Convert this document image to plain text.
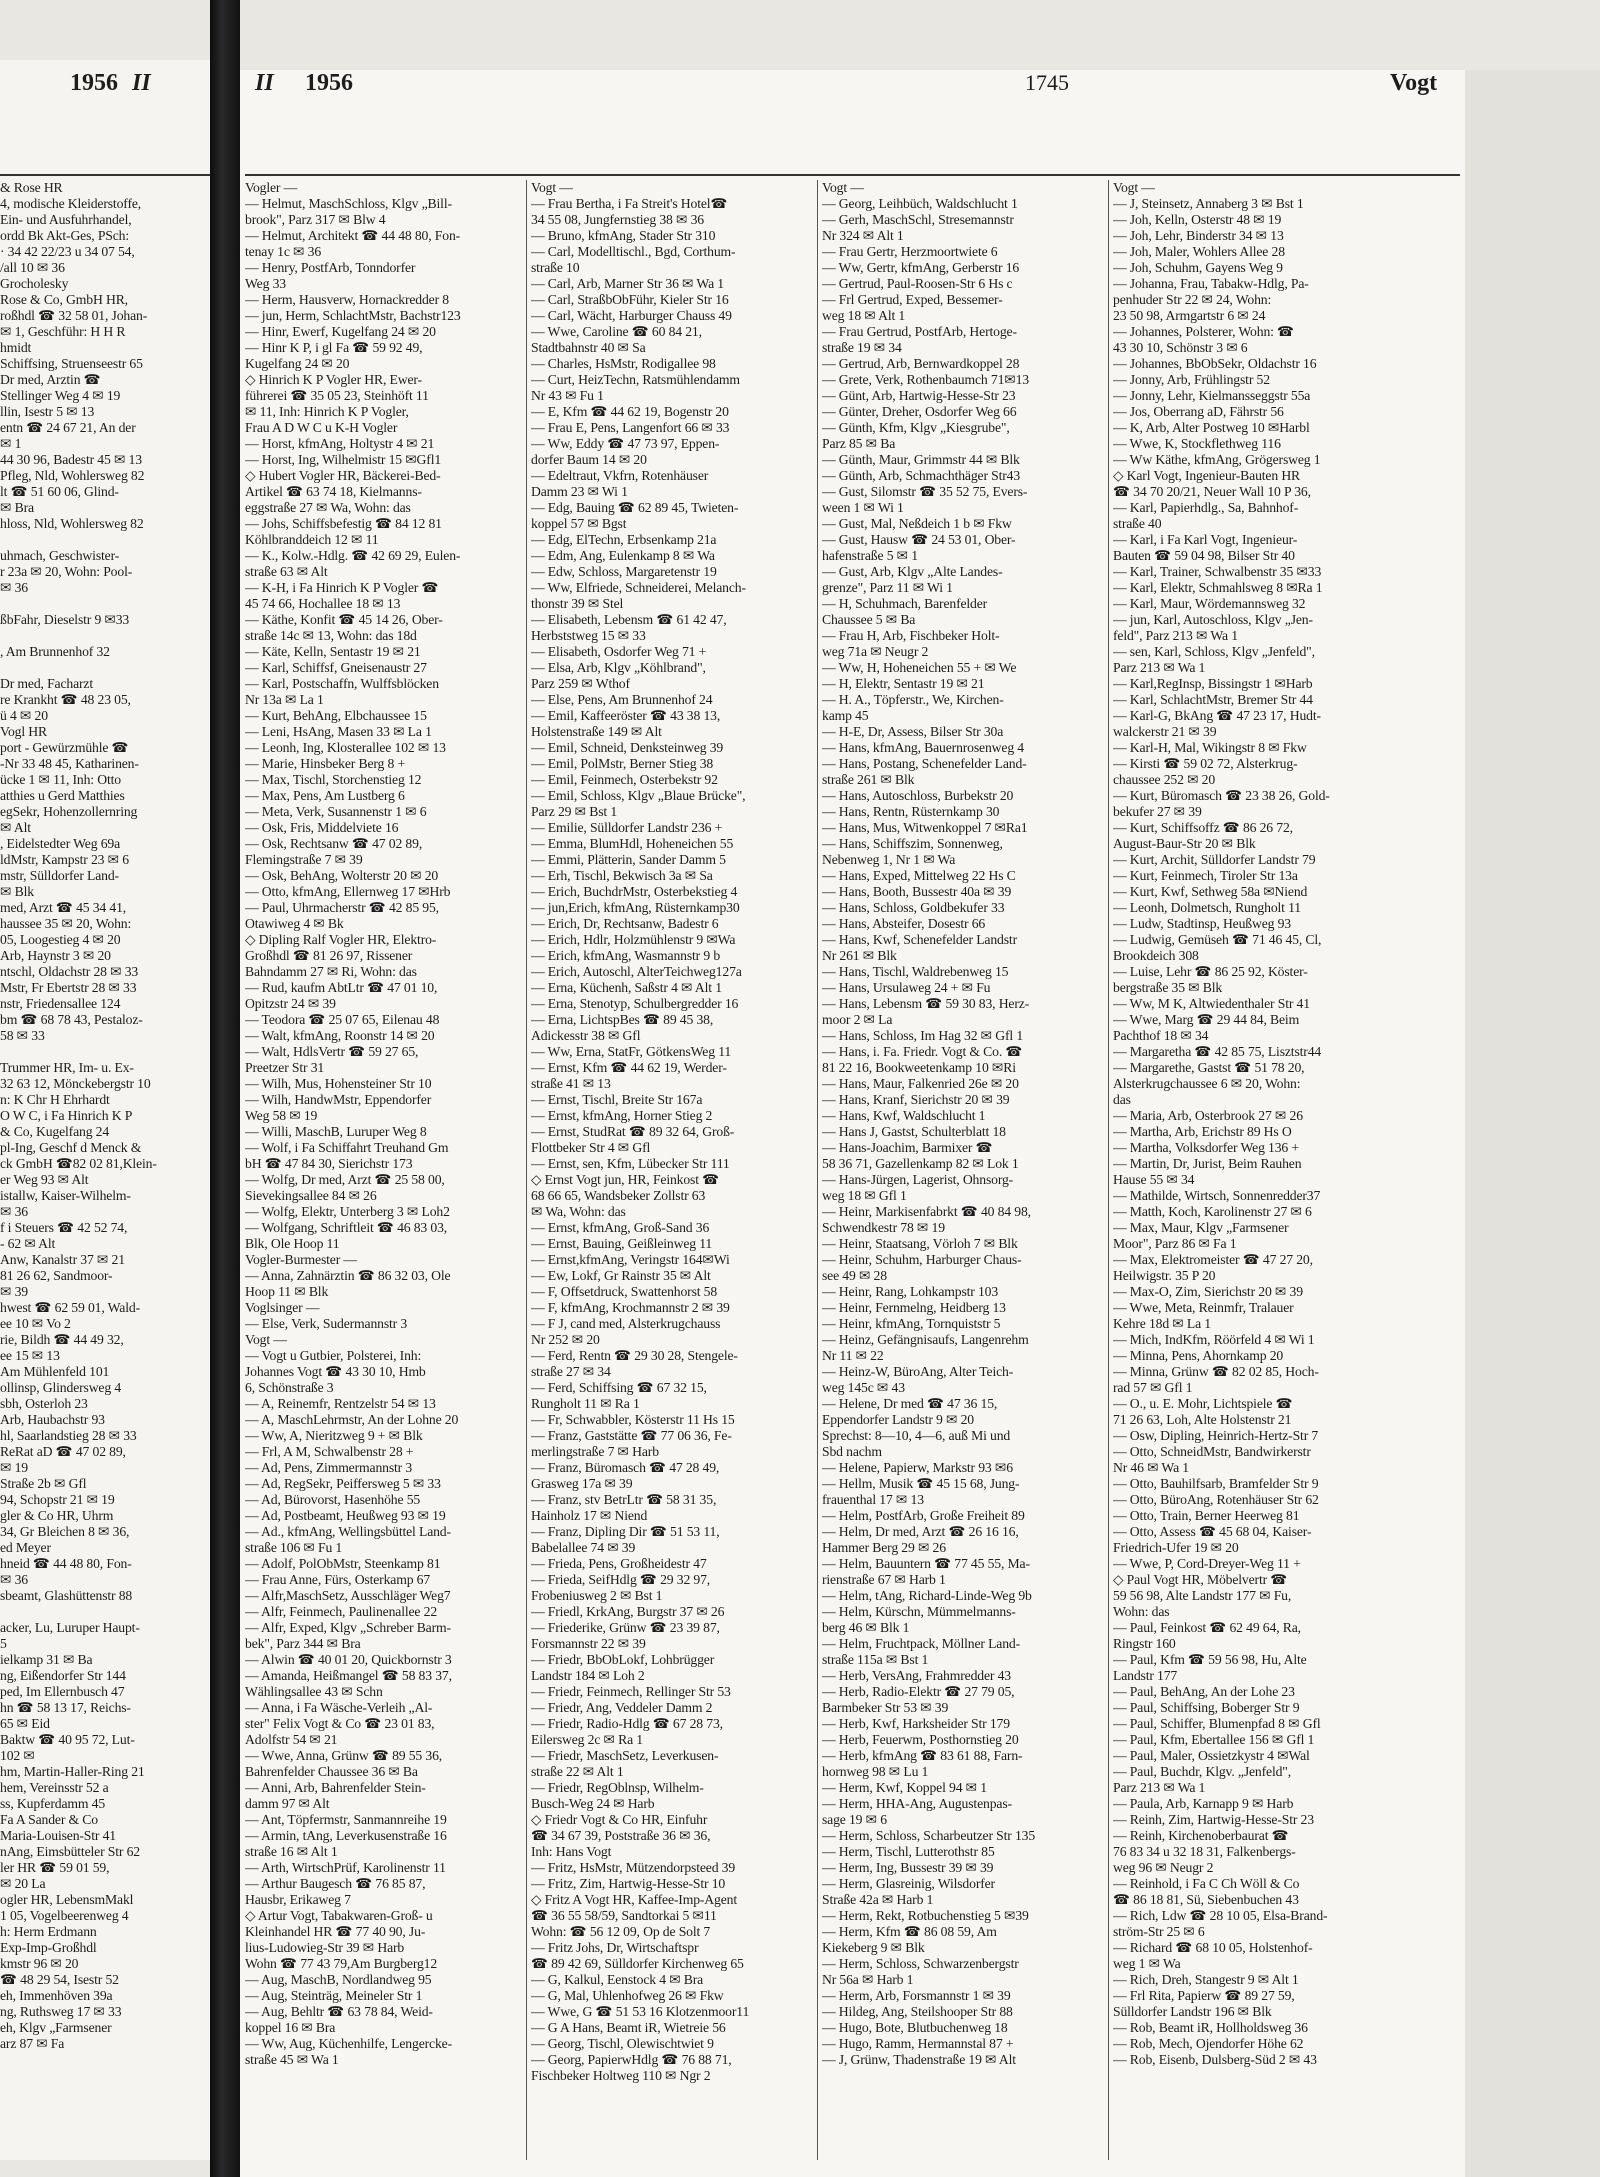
1956 II	II 1956	1745	Vogt
& Rose HR
4, modische Kleiderstoffe,
Ein- und Ausfuhrhandel,
ordd Bk Akt-Ges, PSch:
· 34 42 22/23 u 34 07 54,
/all 10 ✉ 36
Grocholesky
Rose & Co, GmbH HR,
roßhdl ☎ 32 58 01, Johan-
✉ 1, Geschführ: H H R
hmidt
Schiffsing, Struenseestr 65
Dr med, Arztin ☎
Stellinger Weg 4 ✉ 19
llin, Isestr 5 ✉ 13
entn ☎ 24 67 21, An der
✉ 1
44 30 96, Badestr 45 ✉ 13
Pfleg, Nld, Wohlersweg 82
lt ☎ 51 60 06, Glind-
✉ Bra
hloss, Nld, Wohlersweg 82

uhmach, Geschwister-
r 23a ✉ 20, Wohn: Pool-
✉ 36

ßbFahr, Dieselstr 9 ✉33

, Am Brunnenhof 32

Dr med, Facharzt
re Krankht ☎ 48 23 05,
ü 4 ✉ 20
Vogl HR
port - Gewürzmühle ☎
-Nr 33 48 45, Katharinen-
ücke 1 ✉ 11, Inh: Otto
atthies u Gerd Matthies
egSekr, Hohenzollernring
✉ Alt
, Eidelstedter Weg 69a
ldMstr, Kampstr 23 ✉ 6
mstr, Sülldorfer Land-
✉ Blk
med, Arzt ☎ 45 34 41,
haussee 35 ✉ 20, Wohn:
05, Loogestieg 4 ✉ 20
Arb, Haynstr 3 ✉ 20
ntschl, Oldachstr 28 ✉ 33
Mstr, Fr Ebertstr 28 ✉ 33
nstr, Friedensallee 124
bm ☎ 68 78 43, Pestaloz-
58 ✉ 33

Trummer HR, Im- u. Ex-
32 63 12, Mönckebergstr 10
n: K Chr H Ehrhardt
O W C, i Fa Hinrich K P
& Co, Kugelfang 24
pl-Ing, Geschf d Menck &
ck GmbH ☎82 02 81,Klein-
er Weg 93 ✉ Alt
istallw, Kaiser-Wilhelm-
✉ 36
f i Steuers ☎ 42 52 74,
- 62 ✉ Alt
Anw, Kanalstr 37 ✉ 21
81 26 62, Sandmoor-
✉ 39
hwest ☎ 62 59 01, Wald-
ee 10 ✉ Vo 2
rie, Bildh ☎ 44 49 32,
ee 15 ✉ 13
Am Mühlenfeld 101
ollinsp, Glindersweg 4
sbh, Osterloh 23
Arb, Haubachstr 93
hl, Saarlandstieg 28 ✉ 33
ReRat aD ☎ 47 02 89,
✉ 19
Straße 2b ✉ Gfl
94, Schopstr 21 ✉ 19
gler & Co HR, Uhrm
34, Gr Bleichen 8 ✉ 36,
ed Meyer
hneid ☎ 44 48 80, Fon-
✉ 36
sbeamt, Glashüttenstr 88

acker, Lu, Luruper Haupt-
5
ielkamp 31 ✉ Ba
ng, Eißendorfer Str 144
ped, Im Ellernbusch 47
hn ☎ 58 13 17, Reichs-
65 ✉ Eid
Baktw ☎ 40 95 72, Lut-
102 ✉
hm, Martin-Haller-Ring 21
hem, Vereinsstr 52 a
ss, Kupferdamm 45
Fa A Sander & Co
Maria-Louisen-Str 41
nAng, Eimsbütteler Str 62
ler HR ☎ 59 01 59,
✉ 20 La
ogler HR, LebensmMakl
1 05, Vogelbeerenweg 4
h: Herm Erdmann
Exp-Imp-Großhdl
kmstr 96 ✉ 20
☎ 48 29 54, Isestr 52
eh, Immenhöven 39a
ng, Ruthsweg 17 ✉ 33
eh, Klgv „Farmsener
arz 87 ✉ Fa
Vogler —
— Helmut, MaschSchloss, Klgv „Bill-
brook", Parz 317 ✉ Blw 4
— Helmut, Architekt ☎ 44 48 80, Fon-
tenay 1c ✉ 36
— Henry, PostfArb, Tonndorfer
Weg 33
— Herm, Hausverw, Hornackredder 8
— jun, Herm, SchlachtMstr, Bachstr123
— Hinr, Ewerf, Kugelfang 24 ✉ 20
— Hinr K P, i gl Fa ☎ 59 92 49,
Kugelfang 24 ✉ 20
◇ Hinrich K P Vogler HR, Ewer-
führerei ☎ 35 05 23, Steinhöft 11
✉ 11, Inh: Hinrich K P Vogler,
Frau A D W C u K-H Vogler
— Horst, kfmAng, Holtystr 4 ✉ 21
— Horst, Ing, Wilhelmistr 15 ✉Gfl1
◇ Hubert Vogler HR, Bäckerei-Bed-
Artikel ☎ 63 74 18, Kielmanns-
eggstraße 27 ✉ Wa, Wohn: das
— Johs, Schiffsbefestig ☎ 84 12 81
Köhlbranddeich 12 ✉ 11
— K., Kolw.-Hdlg. ☎ 42 69 29, Eulen-
straße 63 ✉ Alt
— K-H, i Fa Hinrich K P Vogler ☎
45 74 66, Hochallee 18 ✉ 13
— Käthe, Konfit ☎ 45 14 26, Ober-
straße 14c ✉ 13, Wohn: das 18d
— Käte, Kelln, Sentastr 19 ✉ 21
— Karl, Schiffsf, Gneisenaustr 27
— Karl, Postschaffn, Wulffsblöcken
Nr 13a ✉ La 1
— Kurt, BehAng, Elbchaussee 15
— Leni, HsAng, Masen 33 ✉ La 1
— Leonh, Ing, Klosterallee 102 ✉ 13
— Marie, Hinsbeker Berg 8 +
— Max, Tischl, Storchenstieg 12
— Max, Pens, Am Lustberg 6
— Meta, Verk, Susannenstr 1 ✉ 6
— Osk, Fris, Middelviete 16
— Osk, Rechtsanw ☎ 47 02 89,
Flemingstraße 7 ✉ 39
— Osk, BehAng, Wolterstr 20 ✉ 20
— Otto, kfmAng, Ellernweg 17 ✉Hrb
— Paul, Uhrmacherstr ☎ 42 85 95,
Otawiweg 4 ✉ Bk
◇ Dipling Ralf Vogler HR, Elektro-
Großhdl ☎ 81 26 97, Rissener
Bahndamm 27 ✉ Ri, Wohn: das
— Rud, kaufm AbtLtr ☎ 47 01 10,
Opitzstr 24 ✉ 39
— Teodora ☎ 25 07 65, Eilenau 48
— Walt, kfmAng, Roonstr 14 ✉ 20
— Walt, HdlsVertr ☎ 59 27 65,
Preetzer Str 31
— Wilh, Mus, Hohensteiner Str 10
— Wilh, HandwMstr, Eppendorfer
Weg 58 ✉ 19
— Willi, MaschB, Luruper Weg 8
— Wolf, i Fa Schiffahrt Treuhand Gm
bH ☎ 47 84 30, Sierichstr 173
— Wolfg, Dr med, Arzt ☎ 25 58 00,
Sievekingsallee 84 ✉ 26
— Wolfg, Elektr, Unterberg 3 ✉ Loh2
— Wolfgang, Schriftleit ☎ 46 83 03,
Blk, Ole Hoop 11
Vogler-Burmester —
— Anna, Zahnärztin ☎ 86 32 03, Ole
Hoop 11 ✉ Blk
Voglsinger —
— Else, Verk, Sudermannstr 3
Vogt —
— Vogt u Gutbier, Polsterei, Inh:
Johannes Vogt ☎ 43 30 10, Hmb
6, Schönstraße 3
— A, Reinemfr, Rentzelstr 54 ✉ 13
— A, MaschLehrmstr, An der Lohne 20
— Ww, A, Nieritzweg 9 + ✉ Blk
— Frl, A M, Schwalbenstr 28 +
— Ad, Pens, Zimmermannstr 3
— Ad, RegSekr, Peiffersweg 5 ✉ 33
— Ad, Bürovorst, Hasenhöhe 55
— Ad, Postbeamt, Heußweg 93 ✉ 19
— Ad., kfmAng, Wellingsbüttel Land-
straße 106 ✉ Fu 1
— Adolf, PolObMstr, Steenkamp 81
— Frau Anne, Fürs, Osterkamp 67
— Alfr,MaschSetz, Ausschläger Weg7
— Alfr, Feinmech, Paulinenallee 22
— Alfr, Exped, Klgv „Schreber Barm-
bek", Parz 344 ✉ Bra
— Alwin ☎ 40 01 20, Quickbornstr 3
— Amanda, Heißmangel ☎ 58 83 37,
Wählingsallee 43 ✉ Schn
— Anna, i Fa Wäsche-Verleih „Al-
ster" Felix Vogt & Co ☎ 23 01 83,
Adolfstr 54 ✉ 21
— Wwe, Anna, Grünw ☎ 89 55 36,
Bahrenfelder Chaussee 36 ✉ Ba
— Anni, Arb, Bahrenfelder Stein-
damm 97 ✉ Alt
— Ant, Töpfermstr, Sanmannreihe 19
— Armin, tAng, Leverkusenstraße 16
straße 16 ✉ Alt 1
— Arth, WirtschPrüf, Karolinenstr 11
— Arthur Baugesch ☎ 76 85 87,
Hausbr, Erikaweg 7
◇ Artur Vogt, Tabakwaren-Groß- u
Kleinhandel HR ☎ 77 40 90, Ju-
lius-Ludowieg-Str 39 ✉ Harb
Wohn ☎ 77 43 79,Am Burgberg12
— Aug, MaschB, Nordlandweg 95
— Aug, Steinträg, Meineler Str 1
— Aug, Behltr ☎ 63 78 84, Weid-
koppel 16 ✉ Bra
— Ww, Aug, Küchenhilfe, Lengercke-
straße 45 ✉ Wa 1
Vogt —
— Frau Bertha, i Fa Streit's Hotel☎
34 55 08, Jungfernstieg 38 ✉ 36
— Bruno, kfmAng, Stader Str 310
— Carl, Modelltischl., Bgd, Corthum-
straße 10
— Carl, Arb, Marner Str 36 ✉ Wa 1
— Carl, StraßbObFühr, Kieler Str 16
— Carl, Wächt, Harburger Chauss 49
— Wwe, Caroline ☎ 60 84 21,
Stadtbahnstr 40 ✉ Sa
— Charles, HsMstr, Rodigallee 98
— Curt, HeizTechn, Ratsmühlendamm
Nr 43 ✉ Fu 1
— E, Kfm ☎ 44 62 19, Bogenstr 20
— Frau E, Pens, Langenfort 66 ✉ 33
— Ww, Eddy ☎ 47 73 97, Eppen-
dorfer Baum 14 ✉ 20
— Edeltraut, Vkfrn, Rotenhäuser
Damm 23 ✉ Wi 1
— Edg, Bauing ☎ 62 89 45, Twieten-
koppel 57 ✉ Bgst
— Edg, ElTechn, Erbsenkamp 21a
— Edm, Ang, Eulenkamp 8 ✉ Wa
— Edw, Schloss, Margaretenstr 19
— Ww, Elfriede, Schneiderei, Melanch-
thonstr 39 ✉ Stel
— Elisabeth, Lebensm ☎ 61 42 47,
Herbststweg 15 ✉ 33
— Elisabeth, Osdorfer Weg 71 +
— Elsa, Arb, Klgv „Köhlbrand",
Parz 259 ✉ Wthof
— Else, Pens, Am Brunnenhof 24
— Emil, Kaffeeröster ☎ 43 38 13,
Holstenstraße 149 ✉ Alt
— Emil, Schneid, Denksteinweg 39
— Emil, PolMstr, Berner Stieg 38
— Emil, Feinmech, Osterbekstr 92
— Emil, Schloss, Klgv „Blaue Brücke",
Parz 29 ✉ Bst 1
— Emilie, Sülldorfer Landstr 236 +
— Emma, BlumHdl, Hoheneichen 55
— Emmi, Plätterin, Sander Damm 5
— Erh, Tischl, Bekwisch 3a ✉ Sa
— Erich, BuchdrMstr, Osterbekstieg 4
— jun,Erich, kfmAng, Rüsternkamp30
— Erich, Dr, Rechtsanw, Badestr 6
— Erich, Hdlr, Holzmühlenstr 9 ✉Wa
— Erich, kfmAng, Wasmannstr 9 b
— Erich, Autoschl, AlterTeichweg127a
— Erna, Küchenh, Saßstr 4 ✉ Alt 1
— Erna, Stenotyp, Schulbergredder 16
— Erna, LichtspBes ☎ 89 45 38,
Adickesstr 38 ✉ Gfl
— Ww, Erna, StatFr, GötkensWeg 11
— Ernst, Kfm ☎ 44 62 19, Werder-
straße 41 ✉ 13
— Ernst, Tischl, Breite Str 167a
— Ernst, kfmAng, Horner Stieg 2
— Ernst, StudRat ☎ 89 32 64, Groß-
Flottbeker Str 4 ✉ Gfl
— Ernst, sen, Kfm, Lübecker Str 111
◇ Ernst Vogt jun, HR, Feinkost ☎
68 66 65, Wandsbeker Zollstr 63
✉ Wa, Wohn: das
— Ernst, kfmAng, Groß-Sand 36
— Ernst, Bauing, Geißleinweg 11
— Ernst,kfmAng, Veringstr 164✉Wi
— Ew, Lokf, Gr Rainstr 35 ✉ Alt
— F, Offsetdruck, Swattenhorst 58
— F, kfmAng, Krochmannstr 2 ✉ 39
— F J, cand med, Alsterkrugchauss
Nr 252 ✉ 20
— Ferd, Rentn ☎ 29 30 28, Stengele-
straße 27 ✉ 34
— Ferd, Schiffsing ☎ 67 32 15,
Rungholt 11 ✉ Ra 1
— Fr, Schwabbler, Kösterstr 11 Hs 15
— Franz, Gaststätte ☎ 77 06 36, Fe-
merlingstraße 7 ✉ Harb
— Franz, Büromasch ☎ 47 28 49,
Grasweg 17a ✉ 39
— Franz, stv BetrLtr ☎ 58 31 35,
Hainholz 17 ✉ Niend
— Franz, Dipling Dir ☎ 51 53 11,
Babelallee 74 ✉ 39
— Frieda, Pens, Großheidestr 47
— Frieda, SeifHdlg ☎ 29 32 97,
Frobeniusweg 2 ✉ Bst 1
— Friedl, KrkAng, Burgstr 37 ✉ 26
— Friederike, Grünw ☎ 23 39 87,
Forsmannstr 22 ✉ 39
— Friedr, BbObLokf, Lohbrügger
Landstr 184 ✉ Loh 2
— Friedr, Feinmech, Rellinger Str 53
— Friedr, Ang, Veddeler Damm 2
— Friedr, Radio-Hdlg ☎ 67 28 73,
Eilersweg 2c ✉ Ra 1
— Friedr, MaschSetz, Leverkusen-
straße 22 ✉ Alt 1
— Friedr, RegOblnsp, Wilhelm-
Busch-Weg 24 ✉ Harb
◇ Friedr Vogt & Co HR, Einfuhr
☎ 34 67 39, Poststraße 36 ✉ 36,
Inh: Hans Vogt
— Fritz, HsMstr, Mützendorpsteed 39
— Fritz, Zim, Hartwig-Hesse-Str 10
◇ Fritz A Vogt HR, Kaffee-Imp-Agent
☎ 36 55 58/59, Sandtorkai 5 ✉11
Wohn: ☎ 56 12 09, Op de Solt 7
— Fritz Johs, Dr, Wirtschaftspr
☎ 89 42 69, Sülldorfer Kirchenweg 65
— G, Kalkul, Eenstock 4 ✉ Bra
— G, Mal, Uhlenhofweg 26 ✉ Fkw
— Wwe, G ☎ 51 53 16 Klotzenmoor11
— G A Hans, Beamt iR, Wietreie 56
— Georg, Tischl, Olewischtwiet 9
— Georg, PapierwHdlg ☎ 76 88 71,
Fischbeker Holtweg 110 ✉ Ngr 2
Vogt —
— Georg, Leihbüch, Waldschlucht 1
— Gerh, MaschSchl, Stresemannstr
Nr 324 ✉ Alt 1
— Frau Gertr, Herzmoortwiete 6
— Ww, Gertr, kfmAng, Gerberstr 16
— Gertrud, Paul-Roosen-Str 6 Hs c
— Frl Gertrud, Exped, Bessemer-
weg 18 ✉ Alt 1
— Frau Gertrud, PostfArb, Hertoge-
straße 19 ✉ 34
— Gertrud, Arb, Bernwardkoppel 28
— Grete, Verk, Rothenbaumch 71✉13
— Günt, Arb, Hartwig-Hesse-Str 23
— Günter, Dreher, Osdorfer Weg 66
— Günth, Kfm, Klgv „Kiesgrube",
Parz 85 ✉ Ba
— Günth, Maur, Grimmstr 44 ✉ Blk
— Günth, Arb, Schmachthäger Str43
— Gust, Silomstr ☎ 35 52 75, Evers-
ween 1 ✉ Wi 1
— Gust, Mal, Neßdeich 1 b ✉ Fkw
— Gust, Hausw ☎ 24 53 01, Ober-
hafenstraße 5 ✉ 1
— Gust, Arb, Klgv „Alte Landes-
grenze", Parz 11 ✉ Wi 1
— H, Schuhmach, Barenfelder
Chaussee 5 ✉ Ba
— Frau H, Arb, Fischbeker Holt-
weg 71a ✉ Neugr 2
— Ww, H, Hoheneichen 55 + ✉ We
— H, Elektr, Sentastr 19 ✉ 21
— H. A., Töpferstr., We, Kirchen-
kamp 45
— H-E, Dr, Assess, Bilser Str 30a
— Hans, kfmAng, Bauernrosenweg 4
— Hans, Postang, Schenefelder Land-
straße 261 ✉ Blk
— Hans, Autoschloss, Burbekstr 20
— Hans, Rentn, Rüsternkamp 30
— Hans, Mus, Witwenkoppel 7 ✉Ra1
— Hans, Schiffszim, Sonnenweg,
Nebenweg 1, Nr 1 ✉ Wa
— Hans, Exped, Mittelweg 22 Hs C
— Hans, Booth, Bussestr 40a ✉ 39
— Hans, Schloss, Goldbekufer 33
— Hans, Absteifer, Dosestr 66
— Hans, Kwf, Schenefelder Landstr
Nr 261 ✉ Blk
— Hans, Tischl, Waldrebenweg 15
— Hans, Ursulaweg 24 + ✉ Fu
— Hans, Lebensm ☎ 59 30 83, Herz-
moor 2 ✉ La
— Hans, Schloss, Im Hag 32 ✉ Gfl 1
— Hans, i. Fa. Friedr. Vogt & Co. ☎
81 22 16, Bookweetenkamp 10 ✉Ri
— Hans, Maur, Falkenried 26e ✉ 20
— Hans, Kranf, Sierichstr 20 ✉ 39
— Hans, Kwf, Waldschlucht 1
— Hans J, Gastst, Schulterblatt 18
— Hans-Joachim, Barmixer ☎
58 36 71, Gazellenkamp 82 ✉ Lok 1
— Hans-Jürgen, Lagerist, Ohnsorg-
weg 18 ✉ Gfl 1
— Heinr, Markisenfabrkt ☎ 40 84 98,
Schwendkestr 78 ✉ 19
— Heinr, Staatsang, Vörloh 7 ✉ Blk
— Heinr, Schuhm, Harburger Chaus-
see 49 ✉ 28
— Heinr, Rang, Lohkampstr 103
— Heinr, Fernmelng, Heidberg 13
— Heinr, kfmAng, Tornquiststr 5
— Heinz, Gefängnisaufs, Langenrehm
Nr 11 ✉ 22
— Heinz-W, BüroAng, Alter Teich-
weg 145c ✉ 43
— Helene, Dr med ☎ 47 36 15,
Eppendorfer Landstr 9 ✉ 20
Sprechst: 8—10, 4—6, auß Mi und
Sbd nachm
— Helene, Papierw, Markstr 93 ✉6
— Hellm, Musik ☎ 45 15 68, Jung-
frauenthal 17 ✉ 13
— Helm, PostfArb, Große Freiheit 89
— Helm, Dr med, Arzt ☎ 26 16 16,
Hammer Berg 29 ✉ 26
— Helm, Bauuntern ☎ 77 45 55, Ma-
rienstraße 67 ✉ Harb 1
— Helm, tAng, Richard-Linde-Weg 9b
— Helm, Kürschn, Mümmelmanns-
berg 46 ✉ Blk 1
— Helm, Fruchtpack, Möllner Land-
straße 115a ✉ Bst 1
— Herb, VersAng, Frahmredder 43
— Herb, Radio-Elektr ☎ 27 79 05,
Barmbeker Str 53 ✉ 39
— Herb, Kwf, Harksheider Str 179
— Herb, Feuerwm, Posthornstieg 20
— Herb, kfmAng ☎ 83 61 88, Farn-
hornweg 98 ✉ Lu 1
— Herm, Kwf, Koppel 94 ✉ 1
— Herm, HHA-Ang, Augustenpas-
sage 19 ✉ 6
— Herm, Schloss, Scharbeutzer Str 135
— Herm, Tischl, Lutterothstr 85
— Herm, Ing, Bussestr 39 ✉ 39
— Herm, Glasreinig, Wilsdorfer
Straße 42a ✉ Harb 1
— Herm, Rekt, Rotbuchenstieg 5 ✉39
— Herm, Kfm ☎ 86 08 59, Am
Kiekeberg 9 ✉ Blk
— Herm, Schloss, Schwarzenbergstr
Nr 56a ✉ Harb 1
— Herm, Arb, Forsmannstr 1 ✉ 39
— Hildeg, Ang, Steilshooper Str 88
— Hugo, Bote, Blutbuchenweg 18
— Hugo, Ramm, Hermannstal 87 +
— J, Grünw, Thadenstraße 19 ✉ Alt
Vogt —
— J, Steinsetz, Annaberg 3 ✉ Bst 1
— Joh, Kelln, Osterstr 48 ✉ 19
— Joh, Lehr, Binderstr 34 ✉ 13
— Joh, Maler, Wohlers Allee 28
— Joh, Schuhm, Gayens Weg 9
— Johanna, Frau, Tabakw-Hdlg, Pa-
penhuder Str 22 ✉ 24, Wohn:
23 50 98, Armgartstr 6 ✉ 24
— Johannes, Polsterer, Wohn: ☎
43 30 10, Schönstr 3 ✉ 6
— Johannes, BbObSekr, Oldachstr 16
— Jonny, Arb, Frühlingstr 52
— Jonny, Lehr, Kielmansseggstr 55a
— Jos, Oberrang aD, Fährstr 56
— K, Arb, Alter Postweg 10 ✉Harbl
— Wwe, K, Stockflethweg 116
— Ww Käthe, kfmAng, Grögersweg 1
◇ Karl Vogt, Ingenieur-Bauten HR
☎ 34 70 20/21, Neuer Wall 10 P 36,
— Karl, Papierhdlg., Sa, Bahnhof-
straße 40
— Karl, i Fa Karl Vogt, Ingenieur-
Bauten ☎ 59 04 98, Bilser Str 40
— Karl, Trainer, Schwalbenstr 35 ✉33
— Karl, Elektr, Schmahlsweg 8 ✉Ra 1
— Karl, Maur, Wördemannsweg 32
— jun, Karl, Autoschloss, Klgv „Jen-
feld", Parz 213 ✉ Wa 1
— sen, Karl, Schloss, Klgv „Jenfeld",
Parz 213 ✉ Wa 1
— Karl,RegInsp, Bissingstr 1 ✉Harb
— Karl, SchlachtMstr, Bremer Str 44
— Karl-G, BkAng ☎ 47 23 17, Hudt-
walckerstr 21 ✉ 39
— Karl-H, Mal, Wikingstr 8 ✉ Fkw
— Kirsti ☎ 59 02 72, Alsterkrug-
chaussee 252 ✉ 20
— Kurt, Büromasch ☎ 23 38 26, Gold-
bekufer 27 ✉ 39
— Kurt, Schiffsoffz ☎ 86 26 72,
August-Baur-Str 20 ✉ Blk
— Kurt, Archit, Sülldorfer Landstr 79
— Kurt, Feinmech, Tiroler Str 13a
— Kurt, Kwf, Sethweg 58a ✉Niend
— Leonh, Dolmetsch, Rungholt 11
— Ludw, Stadtinsp, Heußweg 93
— Ludwig, Gemüseh ☎ 71 46 45, Cl,
Brookdeich 308
— Luise, Lehr ☎ 86 25 92, Köster-
bergstraße 35 ✉ Blk
— Ww, M K, Altwiedenthaler Str 41
— Wwe, Marg ☎ 29 44 84, Beim
Pachthof 18 ✉ 34
— Margaretha ☎ 42 85 75, Lisztstr44
— Margarethe, Gastst ☎ 51 78 20,
Alsterkrugchaussee 6 ✉ 20, Wohn:
das
— Maria, Arb, Osterbrook 27 ✉ 26
— Martha, Arb, Erichstr 89 Hs O
— Martha, Volksdorfer Weg 136 +
— Martin, Dr, Jurist, Beim Rauhen
Hause 55 ✉ 34
— Mathilde, Wirtsch, Sonnenredder37
— Matth, Koch, Karolinenstr 27 ✉ 6
— Max, Maur, Klgv „Farmsener
Moor", Parz 86 ✉ Fa 1
— Max, Elektromeister ☎ 47 27 20,
Heilwigstr. 35 P 20
— Max-O, Zim, Sierichstr 20 ✉ 39
— Wwe, Meta, Reinmfr, Tralauer
Kehre 18d ✉ La 1
— Mich, IndKfm, Röörfeld 4 ✉ Wi 1
— Minna, Pens, Ahornkamp 20
— Minna, Grünw ☎ 82 02 85, Hoch-
rad 57 ✉ Gfl 1
— O., u. E. Mohr, Lichtspiele ☎
71 26 63, Loh, Alte Holstenstr 21
— Osw, Dipling, Heinrich-Hertz-Str 7
— Otto, SchneidMstr, Bandwirkerstr
Nr 46 ✉ Wa 1
— Otto, Bauhilfsarb, Bramfelder Str 9
— Otto, BüroAng, Rotenhäuser Str 62
— Otto, Train, Berner Heerweg 81
— Otto, Assess ☎ 45 68 04, Kaiser-
Friedrich-Ufer 19 ✉ 20
— Wwe, P, Cord-Dreyer-Weg 11 +
◇ Paul Vogt HR, Möbelvertr ☎
59 56 98, Alte Landstr 177 ✉ Fu,
Wohn: das
— Paul, Feinkost ☎ 62 49 64, Ra,
Ringstr 160
— Paul, Kfm ☎ 59 56 98, Hu, Alte
Landstr 177
— Paul, BehAng, An der Lohe 23
— Paul, Schiffsing, Boberger Str 9
— Paul, Schiffer, Blumenpfad 8 ✉ Gfl
— Paul, Kfm, Ebertallee 156 ✉ Gfl 1
— Paul, Maler, Ossietzkystr 4 ✉Wal
— Paul, Buchdr, Klgv. „Jenfeld",
Parz 213 ✉ Wa 1
— Paula, Arb, Karnapp 9 ✉ Harb
— Reinh, Zim, Hartwig-Hesse-Str 23
— Reinh, Kirchenoberbaurat ☎
76 83 34 u 32 18 31, Falkenbergs-
weg 96 ✉ Neugr 2
— Reinhold, i Fa C Ch Wöll & Co
☎ 86 18 81, Sü, Siebenbuchen 43
— Rich, Ldw ☎ 28 10 05, Elsa-Brand-
ström-Str 25 ✉ 6
— Richard ☎ 68 10 05, Holstenhof-
weg 1 ✉ Wa
— Rich, Dreh, Stangestr 9 ✉ Alt 1
— Frl Rita, Papierw ☎ 89 27 59,
Sülldorfer Landstr 196 ✉ Blk
— Rob, Beamt iR, Hollholdsweg 36
— Rob, Mech, Ojendorfer Höhe 62
— Rob, Eisenb, Dulsberg-Süd 2 ✉ 43
